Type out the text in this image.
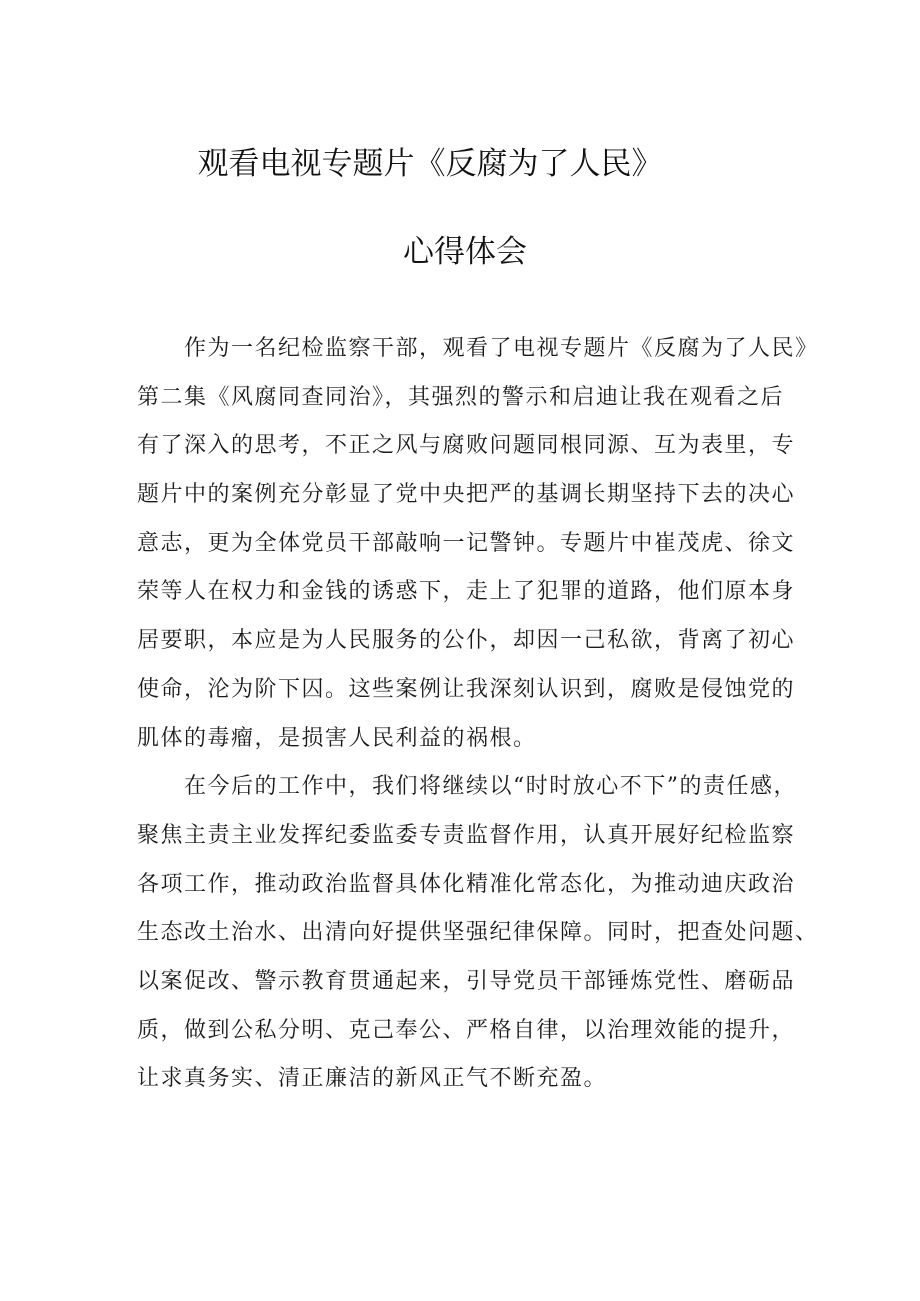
观看电视专题片《反腐为了人民》
心得体会
　　作为一名纪检监察干部，观看了电视专题片《反腐为了人民》
第二集《风腐同查同治》，其强烈的警示和启迪让我在观看之后
有了深入的思考，不正之风与腐败问题同根同源、互为表里，专
题片中的案例充分彰显了党中央把严的基调长期坚持下去的决心
意志，更为全体党员干部敲响一记警钟。专题片中崔茂虎、徐文
荣等人在权力和金钱的诱惑下，走上了犯罪的道路，他们原本身
居要职，本应是为人民服务的公仆，却因一己私欲，背离了初心
使命，沦为阶下囚。这些案例让我深刻认识到，腐败是侵蚀党的
肌体的毒瘤，是损害人民利益的祸根。
　　在今后的工作中，我们将继续以“时时放心不下”的责任感，
聚焦主责主业发挥纪委监委专责监督作用，认真开展好纪检监察
各项工作，推动政治监督具体化精准化常态化，为推动迪庆政治
生态改土治水、出清向好提供坚强纪律保障。同时，把查处问题、
以案促改、警示教育贯通起来，引导党员干部锤炼党性、磨砺品
质，做到公私分明、克己奉公、严格自律，以治理效能的提升，
让求真务实、清正廉洁的新风正气不断充盈。
